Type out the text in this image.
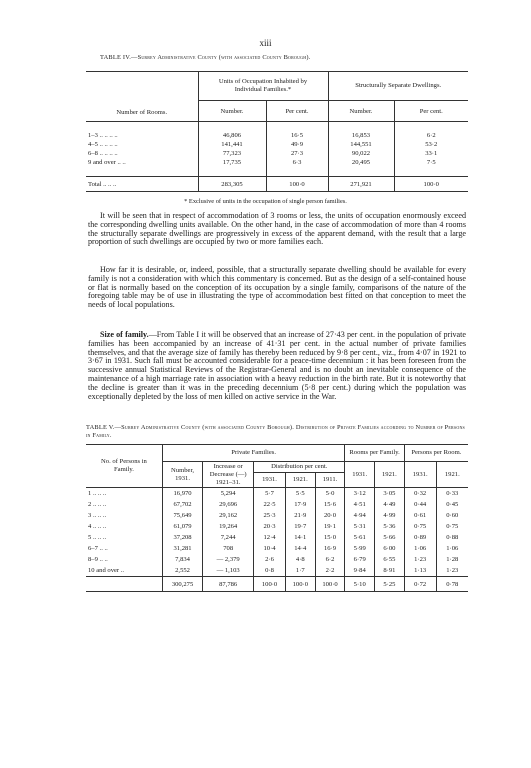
xiii
TABLE IV.—Surrey Administrative County (with associated County Borough).
Number of Rooms.	Units of Occupation Inhabited by Individual Families.*		Structurally Separate Dwellings.	
	Number.	Per cent.	Number.	Per cent.

1–3 .. .. .. ..	46,806	16·5	16,853	6·2
4–5 .. .. .. ..	141,441	49·9	144,551	53·2
6–8 .. .. .. ..	77,323	27·3	90,022	33·1
9 and over .. ..	17,735	6·3	20,495	7·5

Total .. .. ..	283,305	100·0	271,921	100·0
* Exclusive of units in the occupation of single person families.

It will be seen that in respect of accommodation of 3 rooms or less, the units of occupation enormously exceed the corresponding dwelling units available. On the other hand, in the case of accommodation of more than 4 rooms the structurally separate dwellings are progressively in excess of the apparent demand, with the result that a large proportion of such dwellings are occupied by two or more families each.

How far it is desirable, or, indeed, possible, that a structurally separate dwelling should be available for every family is not a consideration with which this commentary is concerned. But as the design of a self-contained house or flat is normally based on the conception of its occupation by a single family, comparisons of the nature of the foregoing table may be of use in illustrating the type of accommodation best fitted on that conception to meet the needs of local populations.

Size of family.—From Table I it will be observed that an increase of 27·43 per cent. in the population of private families has been accompanied by an increase of 41·31 per cent. in the actual number of private families themselves, and that the average size of family has thereby been reduced by 9·8 per cent., viz., from 4·07 in 1921 to 3·67 in 1931. Such fall must be accounted considerable for a peace-time decennium : it has been foreseen from the successive annual Statistical Reviews of the Registrar-General and is no doubt an inevitable consequence of the maintenance of a high marriage rate in association with a heavy reduction in the birth rate. But it is noteworthy that the decline is greater than it was in the preceding decennium (5·8 per cent.) during which the population was exceptionally depleted by the loss of men killed on active service in the War.

TABLE V.—Surrey Administrative County (with associated County Borough). Distribution of Private Families according to Number of Persons in Family.
No. of Persons in Family.	Private Families.					Rooms per Family.		Persons per Room.	
	Number, 1931.	Increase or Decrease (—) 1921–31.	Distribution per cent.			1931.	1921.	1931.	1921.
			1931.	1921.	1911.				
1 .. .. ..	16,970	5,294	5·7	5·5	5·0	3·12	3·05	0·32	0·33
2 .. .. ..	67,702	29,696	22·5	17·9	15·6	4·51	4·49	0·44	0·45
3 .. .. ..	75,649	29,162	25·3	21·9	20·0	4·94	4·99	0·61	0·60
4 .. .. ..	61,079	19,264	20·3	19·7	19·1	5·31	5·36	0·75	0·75
5 .. .. ..	37,208	7,244	12·4	14·1	15·0	5·61	5·66	0·89	0·88
6–7 .. ..	31,281	708	10·4	14·4	16·9	5·99	6·00	1·06	1·06
8–9 .. ..	7,834	— 2,379	2·6	4·8	6·2	6·79	6·55	1·23	1·28
10 and over ..	2,552	— 1,103	0·8	1·7	2·2	9·84	8·91	1·13	1·23
	300,275	87,786	100·0	100·0	100·0	5·10	5·25	0·72	0·78
